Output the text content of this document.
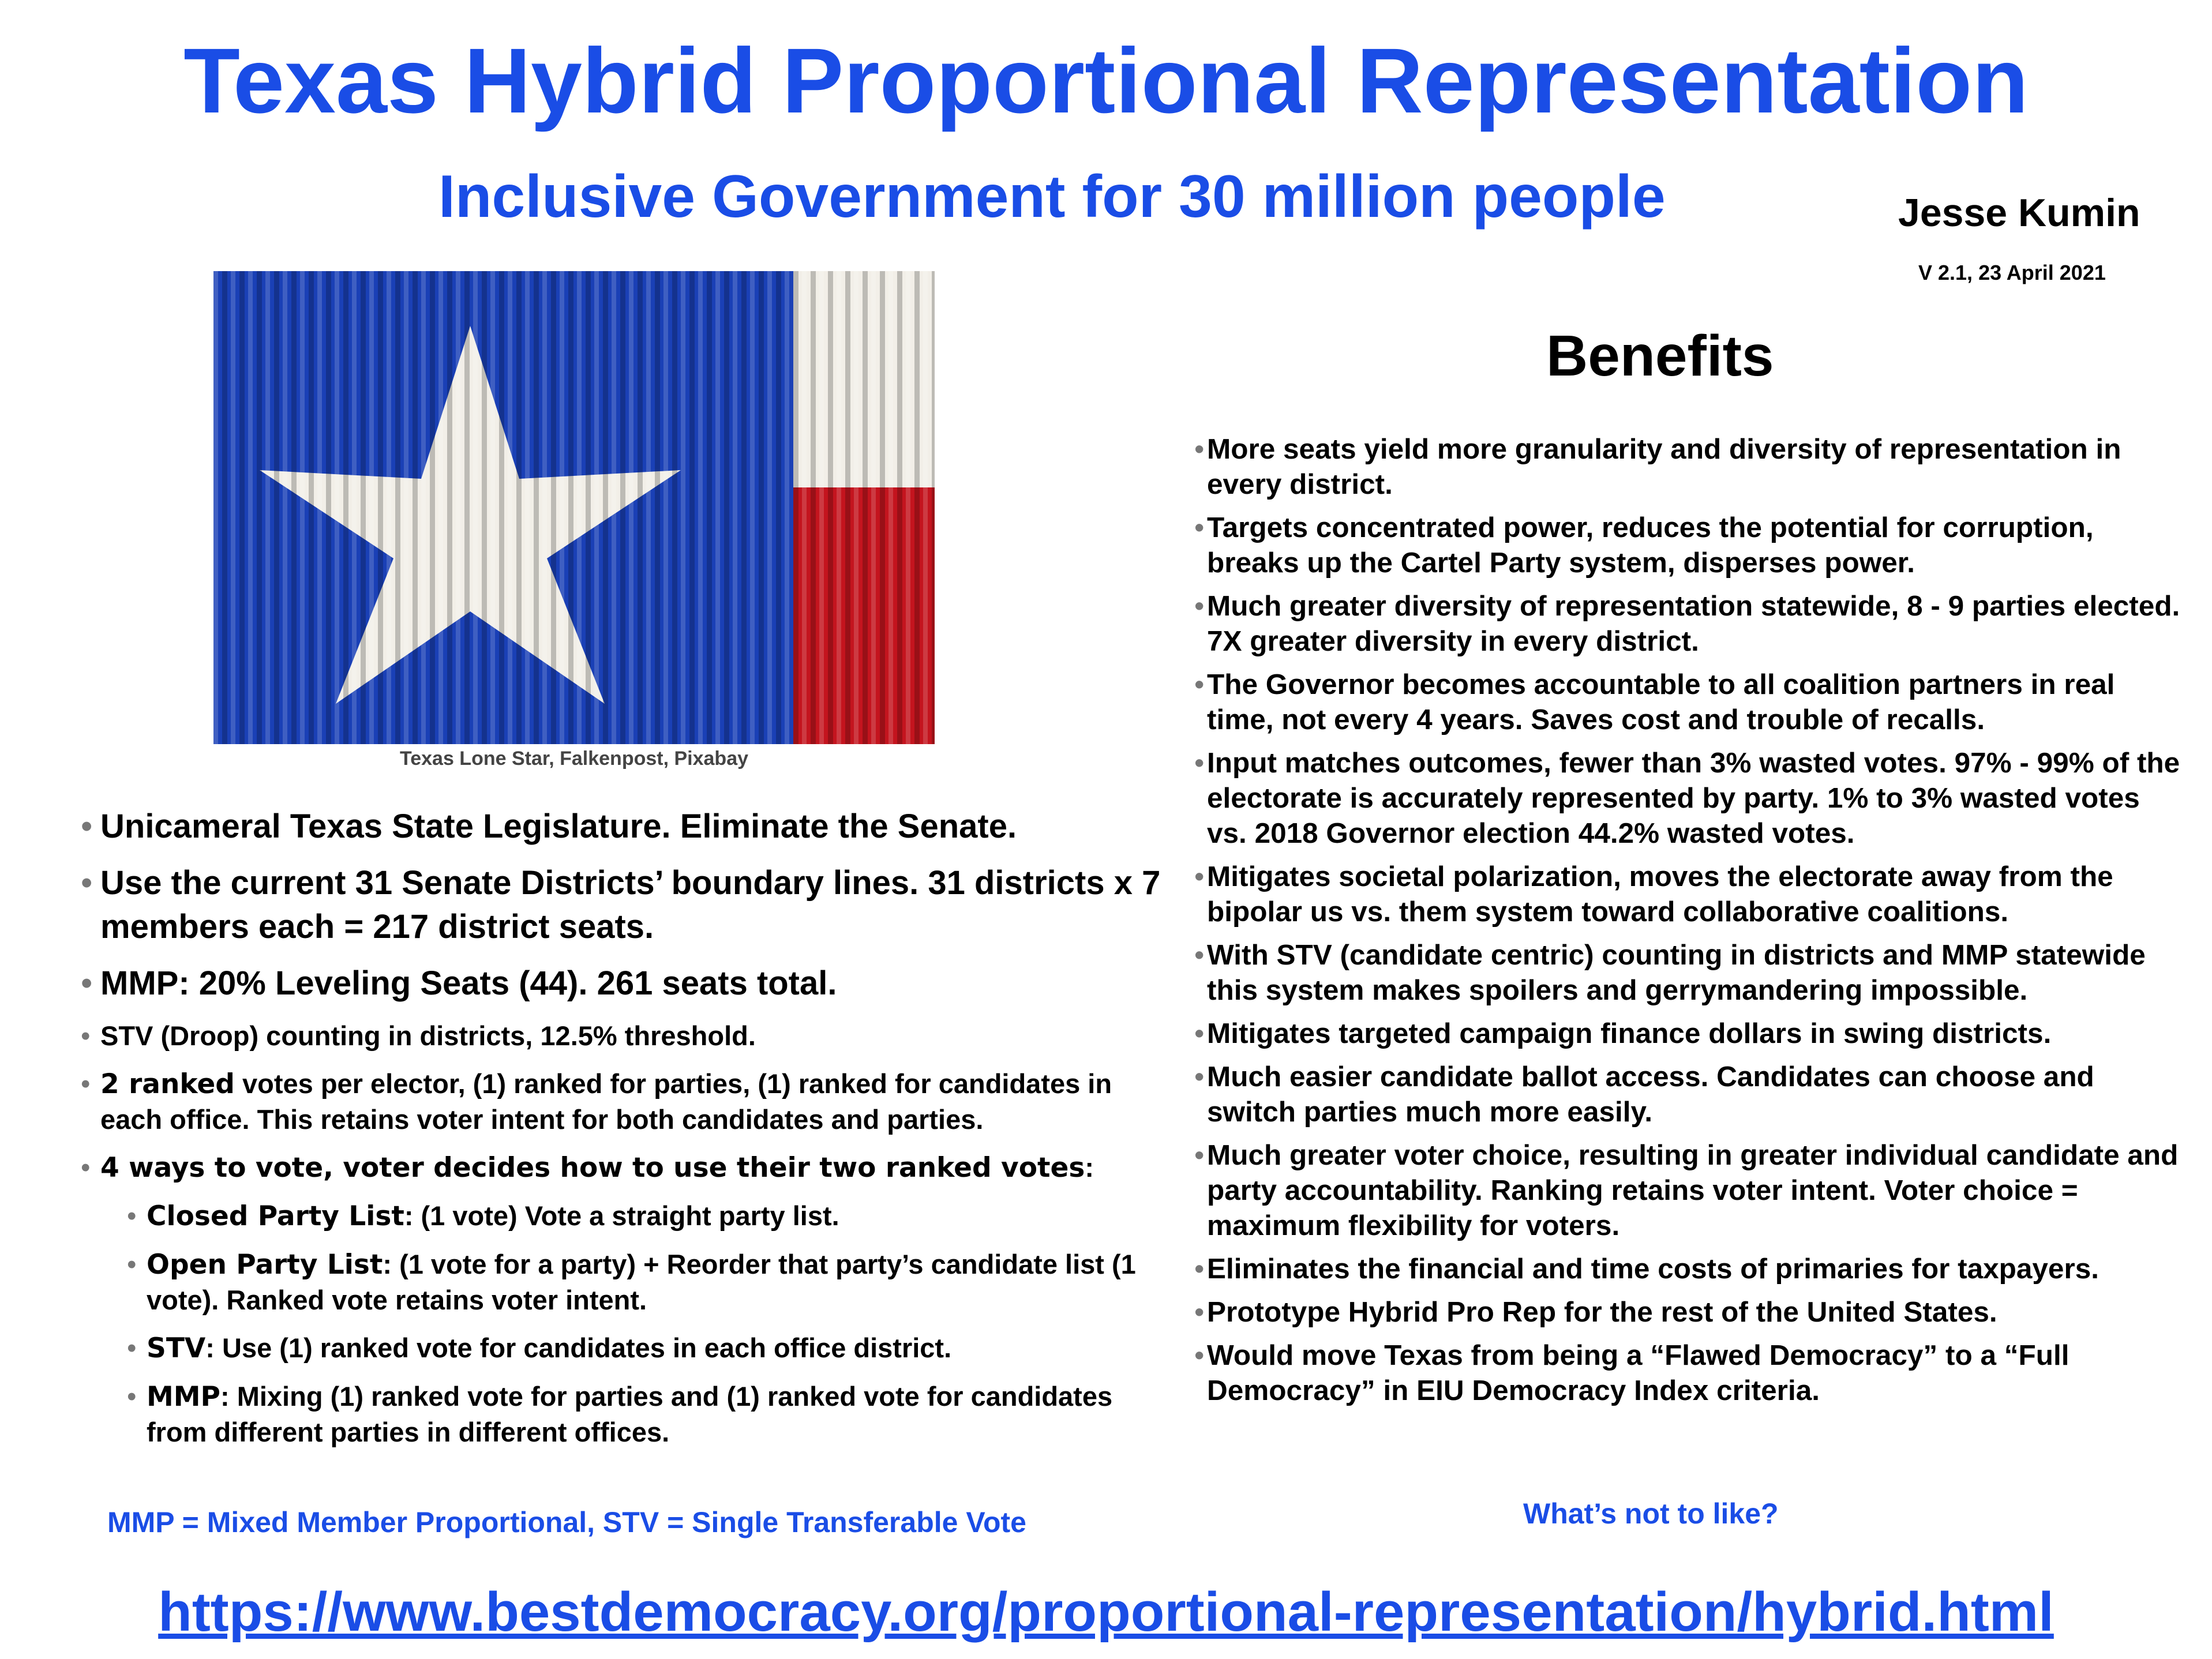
Texas Hybrid Proportional Representation
Inclusive Government for 30 million people	Jesse Kumin
V 2.1, 23 April 2021
Texas Lone Star, Falkenpost, Pixabay

• Unicameral Texas State Legislature. Eliminate the Senate.

• Use the current 31 Senate Districts’ boundary lines. 31 districts x 7 members each = 217 district seats.

• MMP: 20% Leveling Seats (44). 261 seats total.

• STV (Droop) counting in districts, 12.5% threshold.

• 2 ranked votes per elector, (1) ranked for parties, (1) ranked for candidates in each office. This retains voter intent for both candidates and parties.

• 4 ways to vote, voter decides how to use their two ranked votes:

• Closed Party List: (1 vote) Vote a straight party list.

• Open Party List: (1 vote for a party) + Reorder that party’s candidate list (1 vote). Ranked vote retains voter intent.

• STV: Use (1) ranked vote for candidates in each office district.

• MMP: Mixing (1) ranked vote for parties and (1) ranked vote for candidates from different parties in different offices.

MMP = Mixed Member Proportional, STV = Single Transferable Vote
Benefits
• More seats yield more granularity and diversity of representation in every district.
• Targets concentrated power, reduces the potential for corruption, breaks up the Cartel Party system, disperses power.
• Much greater diversity of representation statewide, 8 - 9 parties elected. 7X greater diversity in every district.
• The Governor becomes accountable to all coalition partners in real time, not every 4 years. Saves cost and trouble of recalls.
• Input matches outcomes, fewer than 3% wasted votes. 97% - 99% of the electorate is accurately represented by party. 1% to 3% wasted votes vs. 2018 Governor election 44.2% wasted votes.
• Mitigates societal polarization, moves the electorate away from the bipolar us vs. them system toward collaborative coalitions.
• With STV (candidate centric) counting in districts and MMP statewide this system makes spoilers and gerrymandering impossible.
• Mitigates targeted campaign finance dollars in swing districts.
• Much easier candidate ballot access. Candidates can choose and switch parties much more easily.
• Much greater voter choice, resulting in greater individual candidate and party accountability. Ranking retains voter intent. Voter choice = maximum flexibility for voters.
• Eliminates the financial and time costs of primaries for taxpayers.
• Prototype Hybrid Pro Rep for the rest of the United States.
• Would move Texas from being a “Flawed Democracy” to a “Full Democracy” in EIU Democracy Index criteria.
What’s not to like?
https://www.bestdemocracy.org/proportional-representation/hybrid.html
